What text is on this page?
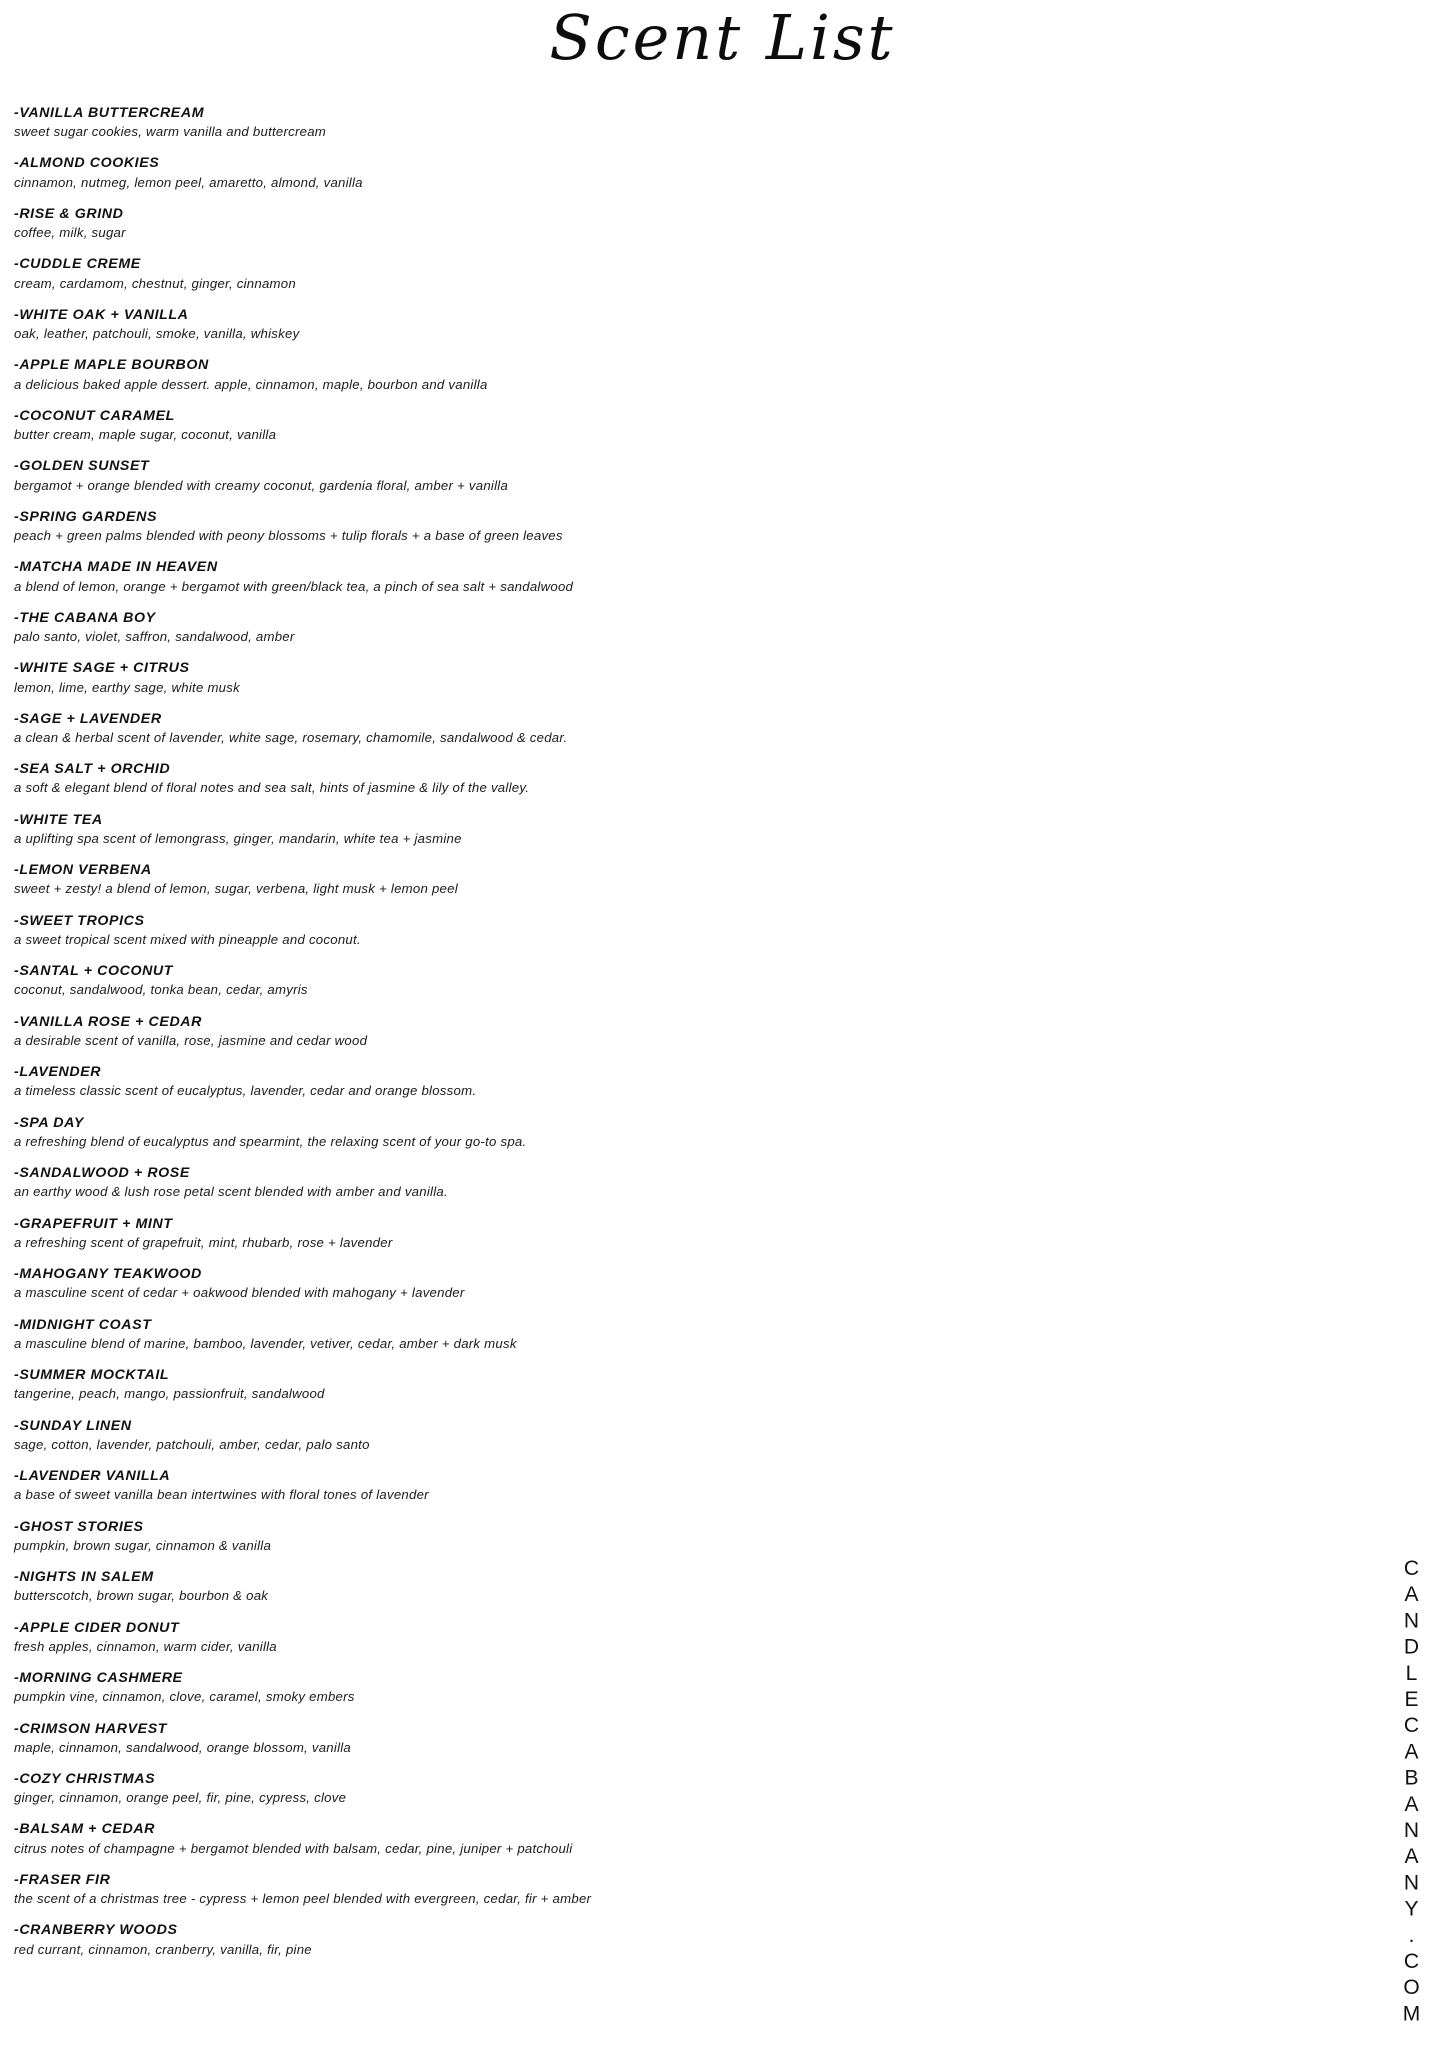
Scent List

-VANILLA BUTTERCREAM

sweet sugar cookies, warm vanilla and buttercream

-ALMOND COOKIES

cinnamon, nutmeg, lemon peel, amaretto, almond, vanilla

-RISE & GRIND

coffee, milk, sugar

-CUDDLE CREME

cream, cardamom, chestnut, ginger, cinnamon

-WHITE OAK + VANILLA

oak, leather, patchouli, smoke, vanilla, whiskey

-APPLE MAPLE BOURBON

a delicious baked apple dessert. apple, cinnamon, maple, bourbon and vanilla

-COCONUT CARAMEL

butter cream, maple sugar, coconut, vanilla

-GOLDEN SUNSET

bergamot + orange blended with creamy coconut, gardenia floral, amber + vanilla

-SPRING GARDENS

peach + green palms blended with peony blossoms + tulip florals + a base of green leaves

-MATCHA MADE IN HEAVEN

a blend of lemon, orange + bergamot with green/black tea, a pinch of sea salt + sandalwood

-THE CABANA BOY

palo santo, violet, saffron, sandalwood, amber

-WHITE SAGE + CITRUS

lemon, lime, earthy sage, white musk

-SAGE + LAVENDER

a clean & herbal scent of lavender, white sage, rosemary, chamomile, sandalwood & cedar.

-SEA SALT + ORCHID

a soft & elegant blend of floral notes and sea salt, hints of jasmine & lily of the valley.

-WHITE TEA

a uplifting spa scent of lemongrass, ginger, mandarin, white tea + jasmine

-LEMON VERBENA

sweet + zesty! a blend of lemon, sugar, verbena, light musk + lemon peel

-SWEET TROPICS

a sweet tropical scent mixed with pineapple and coconut.

-SANTAL + COCONUT

coconut, sandalwood, tonka bean, cedar, amyris

-VANILLA ROSE + CEDAR

a desirable scent of vanilla, rose, jasmine and cedar wood

-LAVENDER

a timeless classic scent of eucalyptus, lavender, cedar and orange blossom.

-SPA DAY

a refreshing blend of eucalyptus and spearmint, the relaxing scent of your go-to spa.

-SANDALWOOD + ROSE

an earthy wood & lush rose petal scent blended with amber and vanilla.

-GRAPEFRUIT + MINT

a refreshing scent of grapefruit, mint, rhubarb, rose + lavender

-MAHOGANY TEAKWOOD

a masculine scent of cedar + oakwood blended with mahogany + lavender

-MIDNIGHT COAST

a masculine blend of marine, bamboo, lavender, vetiver, cedar, amber + dark musk

-SUMMER MOCKTAIL

tangerine, peach, mango, passionfruit, sandalwood

-SUNDAY LINEN

sage, cotton, lavender, patchouli, amber, cedar, palo santo

-LAVENDER VANILLA

a base of sweet vanilla bean intertwines with floral tones of lavender

-GHOST STORIES

pumpkin, brown sugar, cinnamon & vanilla

-NIGHTS IN SALEM

butterscotch, brown sugar, bourbon & oak

-APPLE CIDER DONUT

fresh apples, cinnamon, warm cider, vanilla

-MORNING CASHMERE

pumpkin vine, cinnamon, clove, caramel, smoky embers

-CRIMSON HARVEST

maple, cinnamon, sandalwood, orange blossom, vanilla

-COZY CHRISTMAS

ginger, cinnamon, orange peel, fir, pine, cypress, clove

-BALSAM + CEDAR

citrus notes of champagne + bergamot blended with balsam, cedar, pine, juniper + patchouli

-FRASER FIR

the scent of a christmas tree - cypress + lemon peel blended with evergreen, cedar, fir + amber

-CRANBERRY WOODS

red currant, cinnamon, cranberry, vanilla, fir, pine	CANDLECABANANY.COM
